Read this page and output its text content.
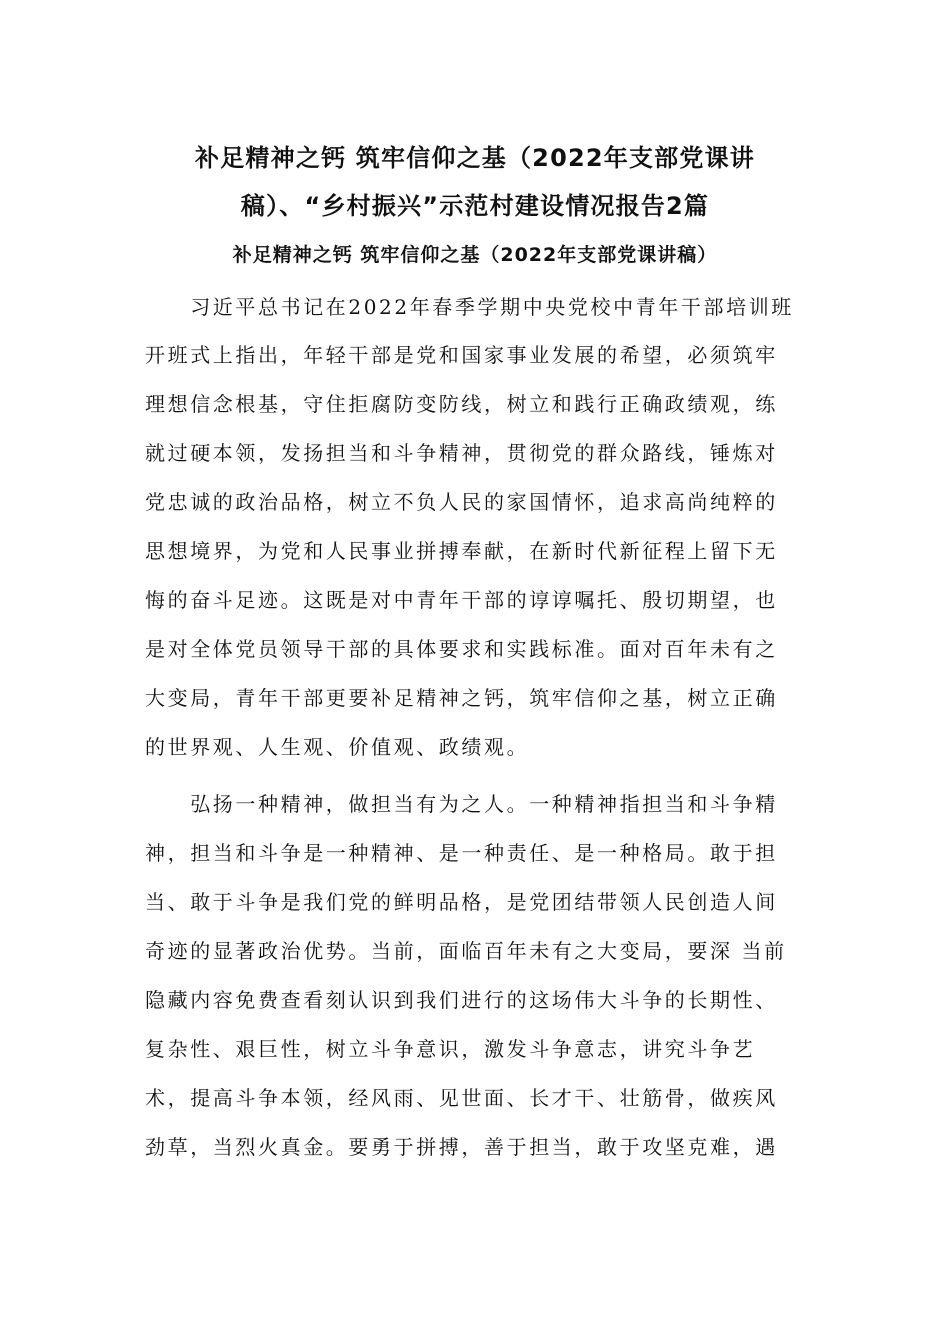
补足精神之钙 筑牢信仰之基（2022年支部党课讲
稿）、“乡村振兴”示范村建设情况报告2篇
补足精神之钙 筑牢信仰之基（2022年支部党课讲稿）
　　习近平总书记在2022年春季学期中央党校中青年干部培训班
开班式上指出，年轻干部是党和国家事业发展的希望，必须筑牢
理想信念根基，守住拒腐防变防线，树立和践行正确政绩观，练
就过硬本领，发扬担当和斗争精神，贯彻党的群众路线，锤炼对
党忠诚的政治品格，树立不负人民的家国情怀，追求高尚纯粹的
思想境界，为党和人民事业拼搏奉献，在新时代新征程上留下无
悔的奋斗足迹。这既是对中青年干部的谆谆嘱托、殷切期望，也
是对全体党员领导干部的具体要求和实践标准。面对百年未有之
大变局，青年干部更要补足精神之钙，筑牢信仰之基，树立正确
的世界观、人生观、价值观、政绩观。
　　弘扬一种精神，做担当有为之人。一种精神指担当和斗争精
神，担当和斗争是一种精神、是一种责任、是一种格局。敢于担
当、敢于斗争是我们党的鲜明品格，是党团结带领人民创造人间
奇迹的显著政治优势。当前，面临百年未有之大变局，要深 当前
隐藏内容免费查看刻认识到我们进行的这场伟大斗争的长期性、
复杂性、艰巨性，树立斗争意识，激发斗争意志，讲究斗争艺
术，提高斗争本领，经风雨、见世面、长才干、壮筋骨，做疾风
劲草，当烈火真金。要勇于拼搏，善于担当，敢于攻坚克难，遇
